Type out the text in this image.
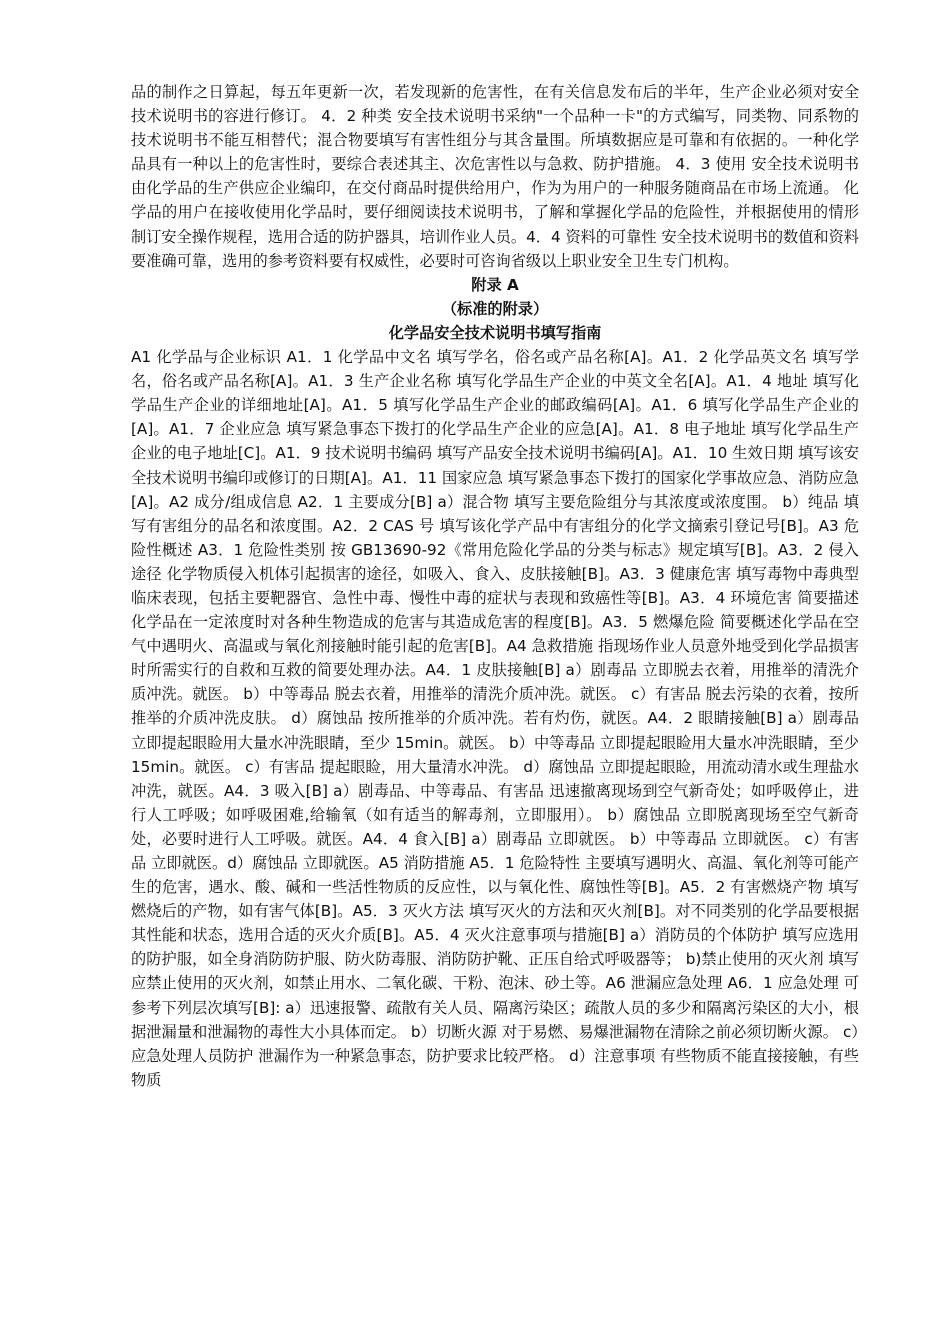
品的制作之日算起，每五年更新一次，若发现新的危害性，在有关信息发布后的半年，生产企业必须对安全技术说明书的容进行修订。 4．2 种类 安全技术说明书采纳"一个品种一卡"的方式编写，同类物、同系物的技术说明书不能互相替代；混合物要填写有害性组分与其含量围。所填数据应是可靠和有依据的。一种化学品具有一种以上的危害性时，要综合表述其主、次危害性以与急救、防护措施。 4．3 使用 安全技术说明书由化学品的生产供应企业编印，在交付商品时提供给用户，作为为用户的一种服务随商品在市场上流通。 化学品的用户在接收使用化学品时，要仔细阅读技术说明书，了解和掌握化学品的危险性，并根据使用的情形制订安全操作规程，选用合适的防护器具，培训作业人员。4．4 资料的可靠性 安全技术说明书的数值和资料要准确可靠，选用的参考资料要有权威性，必要时可咨询省级以上职业安全卫生专门机构。

附录 A

（标准的附录）

化学品安全技术说明书填写指南

A1 化学品与企业标识 A1．1 化学品中文名 填写学名，俗名或产品名称[A]。A1．2 化学品英文名 填写学名，俗名或产品名称[A]。A1．3 生产企业名称 填写化学品生产企业的中英文全名[A]。A1．4 地址 填写化学品生产企业的详细地址[A]。A1．5 填写化学品生产企业的邮政编码[A]。A1．6 填写化学品生产企业的 [A]。A1．7 企业应急 填写紧急事态下拨打的化学品生产企业的应急[A]。A1．8 电子地址 填写化学品生产企业的电子地址[C]。A1．9 技术说明书编码 填写产品安全技术说明书编码[A]。A1．10 生效日期 填写该安全技术说明书编印或修订的日期[A]。A1．11 国家应急 填写紧急事态下拨打的国家化学事故应急、消防应急[A]。A2 成分/组成信息 A2．1 主要成分[B] a）混合物 填写主要危险组分与其浓度或浓度围。 b）纯品 填写有害组分的品名和浓度围。A2．2 CAS 号 填写该化学产品中有害组分的化学文摘索引登记号[B]。A3 危险性概述 A3．1 危险性类别 按 GB13690-92《常用危险化学品的分类与标志》规定填写[B]。A3．2 侵入途径 化学物质侵入机体引起损害的途径，如吸入、食入、皮肤接触[B]。A3．3 健康危害 填写毒物中毒典型临床表现，包括主要靶器官、急性中毒、慢性中毒的症状与表现和致癌性等[B]。A3．4 环境危害 简要描述化学品在一定浓度时对各种生物造成的危害与其造成危害的程度[B]。A3．5 燃爆危险 简要概述化学品在空气中遇明火、高温或与氧化剂接触时能引起的危害[B]。A4 急救措施 指现场作业人员意外地受到化学品损害时所需实行的自救和互救的简要处理办法。A4．1 皮肤接触[B] a）剧毒品 立即脱去衣着，用推举的清洗介质冲洗。就医。 b）中等毒品 脱去衣着，用推举的清洗介质冲洗。就医。 c）有害品 脱去污染的衣着，按所推举的介质冲洗皮肤。 d）腐蚀品 按所推举的介质冲洗。若有灼伤，就医。A4．2 眼睛接触[B] a）剧毒品 立即提起眼睑用大量水冲洗眼睛，至少 15min。就医。 b）中等毒品 立即提起眼睑用大量水冲洗眼睛，至少 15min。就医。 c）有害品 提起眼睑，用大量清水冲洗。 d）腐蚀品 立即提起眼睑，用流动清水或生理盐水冲洗，就医。A4．3 吸入[B] a）剧毒品、中等毒品、有害品 迅速撤离现场到空气新奇处；如呼吸停止，进行人工呼吸；如呼吸困难,给输氧（如有适当的解毒剂，立即服用）。 b）腐蚀品 立即脱离现场至空气新奇处，必要时进行人工呼吸。就医。A4．4 食入[B] a）剧毒品 立即就医。 b）中等毒品 立即就医。 c）有害品 立即就医。d）腐蚀品 立即就医。A5 消防措施 A5．1 危险特性 主要填写遇明火、高温、氧化剂等可能产生的危害，遇水、酸、碱和一些活性物质的反应性，以与氧化性、腐蚀性等[B]。A5．2 有害燃烧产物 填写燃烧后的产物，如有害气体[B]。A5．3 灭火方法 填写灭火的方法和灭火剂[B]。对不同类别的化学品要根据其性能和状态，选用合适的灭火介质[B]。A5．4 灭火注意事项与措施[B] a）消防员的个体防护 填写应选用的防护服，如全身消防防护服、防火防毒服、消防防护靴、正压自给式呼吸器等； b)禁止使用的灭火剂 填写应禁止使用的灭火剂，如禁止用水、二氧化碳、干粉、泡沫、砂土等。A6 泄漏应急处理 A6．1 应急处理 可参考下列层次填写[B]: a）迅速报警、疏散有关人员、隔离污染区；疏散人员的多少和隔离污染区的大小，根据泄漏量和泄漏物的毒性大小具体而定。 b）切断火源 对于易燃、易爆泄漏物在清除之前必须切断火源。 c）应急处理人员防护 泄漏作为一种紧急事态，防护要求比较严格。 d）注意事项 有些物质不能直接接触，有些物质
